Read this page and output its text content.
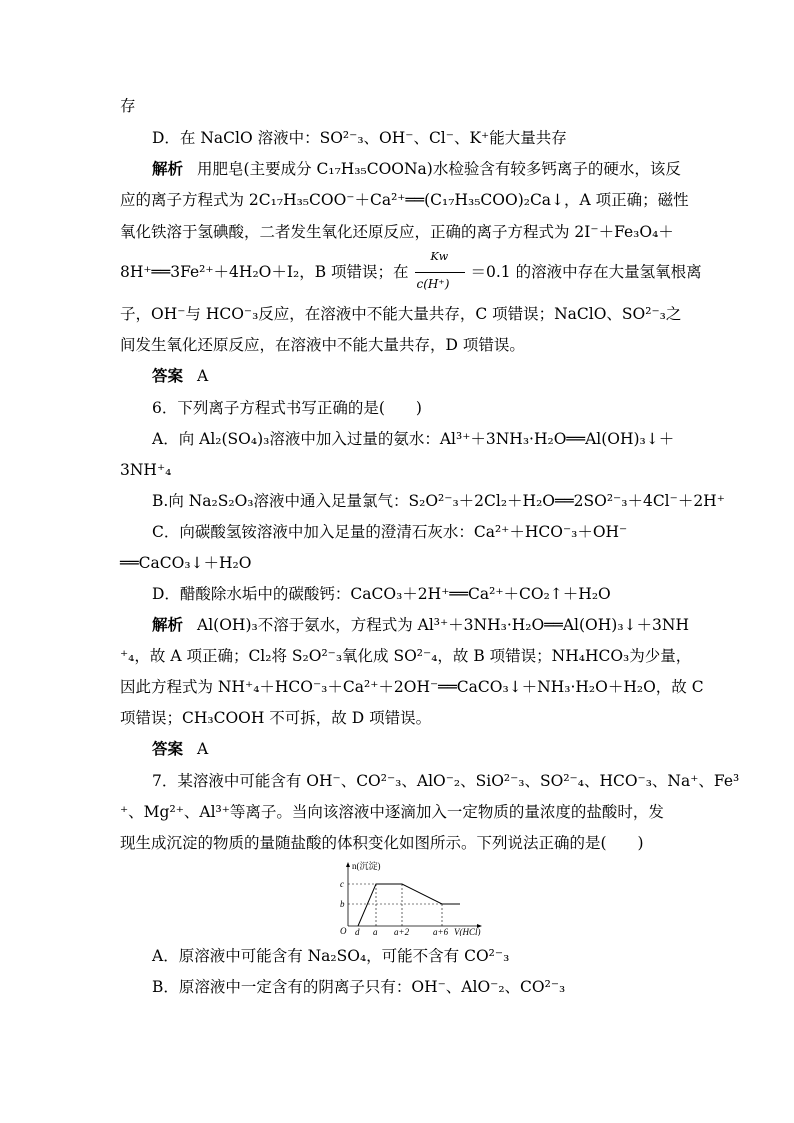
存
D．在 NaClO 溶液中：SO²⁻₃、OH⁻、Cl⁻、K⁺能大量共存
解析 用肥皂(主要成分 C₁₇H₃₅COONa)水检验含有较多钙离子的硬水，该反
应的离子方程式为 2C₁₇H₃₅COO⁻＋Ca²⁺══(C₁₇H₃₅COO)₂Ca↓，A 项正确；磁性
氧化铁溶于氢碘酸，二者发生氧化还原反应，正确的离子方程式为 2I⁻＋Fe₃O₄＋
8H⁺══3Fe²⁺＋4H₂O＋I₂，B 项错误；在 $\frac{Kw}{c(H^+)} =0.1$ 的溶液中存在大量氢氧根离
子，OH⁻与 HCO⁻₃反应，在溶液中不能大量共存，C 项错误；NaClO、SO²⁻₃之
间发生氧化还原反应，在溶液中不能大量共存，D 项错误。
答案 A
6．下列离子方程式书写正确的是(　　)
A．向 Al₂(SO₄)₃溶液中加入过量的氨水：Al³⁺＋3NH₃·H₂O══Al(OH)₃↓＋
3NH⁺₄
B.向 Na₂S₂O₃溶液中通入足量氯气：S₂O²⁻₃＋2Cl₂＋H₂O══2SO²⁻₃＋4Cl⁻＋2H⁺
C．向碳酸氢铵溶液中加入足量的澄清石灰水：Ca²⁺＋HCO⁻₃＋OH⁻
══CaCO₃↓＋H₂O
D．醋酸除水垢中的碳酸钙：CaCO₃＋2H⁺══Ca²⁺＋CO₂↑＋H₂O
解析 Al(OH)₃不溶于氨水，方程式为 Al³⁺＋3NH₃·H₂O══Al(OH)₃↓＋3NH
⁺₄，故 A 项正确；Cl₂将 S₂O²⁻₃氧化成 SO²⁻₄，故 B 项错误；NH₄HCO₃为少量，
因此方程式为 NH⁺₄＋HCO⁻₃＋Ca²⁺＋2OH⁻══CaCO₃↓＋NH₃·H₂O＋H₂O，故 C
项错误；CH₃COOH 不可拆，故 D 项错误。
答案 A
7．某溶液中可能含有 OH⁻、CO²⁻₃、AlO⁻₂、SiO²⁻₃、SO²⁻₄、HCO⁻₃、Na⁺、Fe³
⁺、Mg²⁺、Al³⁺等离子。当向该溶液中逐滴加入一定物质的量浓度的盐酸时，发
现生成沉淀的物质的量随盐酸的体积变化如图所示。下列说法正确的是(　　)
n(沉淀)
c
b
O d a a+2	a+6 V(HCl)
A．原溶液中可能含有 Na₂SO₄，可能不含有 CO²⁻₃
B．原溶液中一定含有的阴离子只有：OH⁻、AlO⁻₂、CO²⁻₃
